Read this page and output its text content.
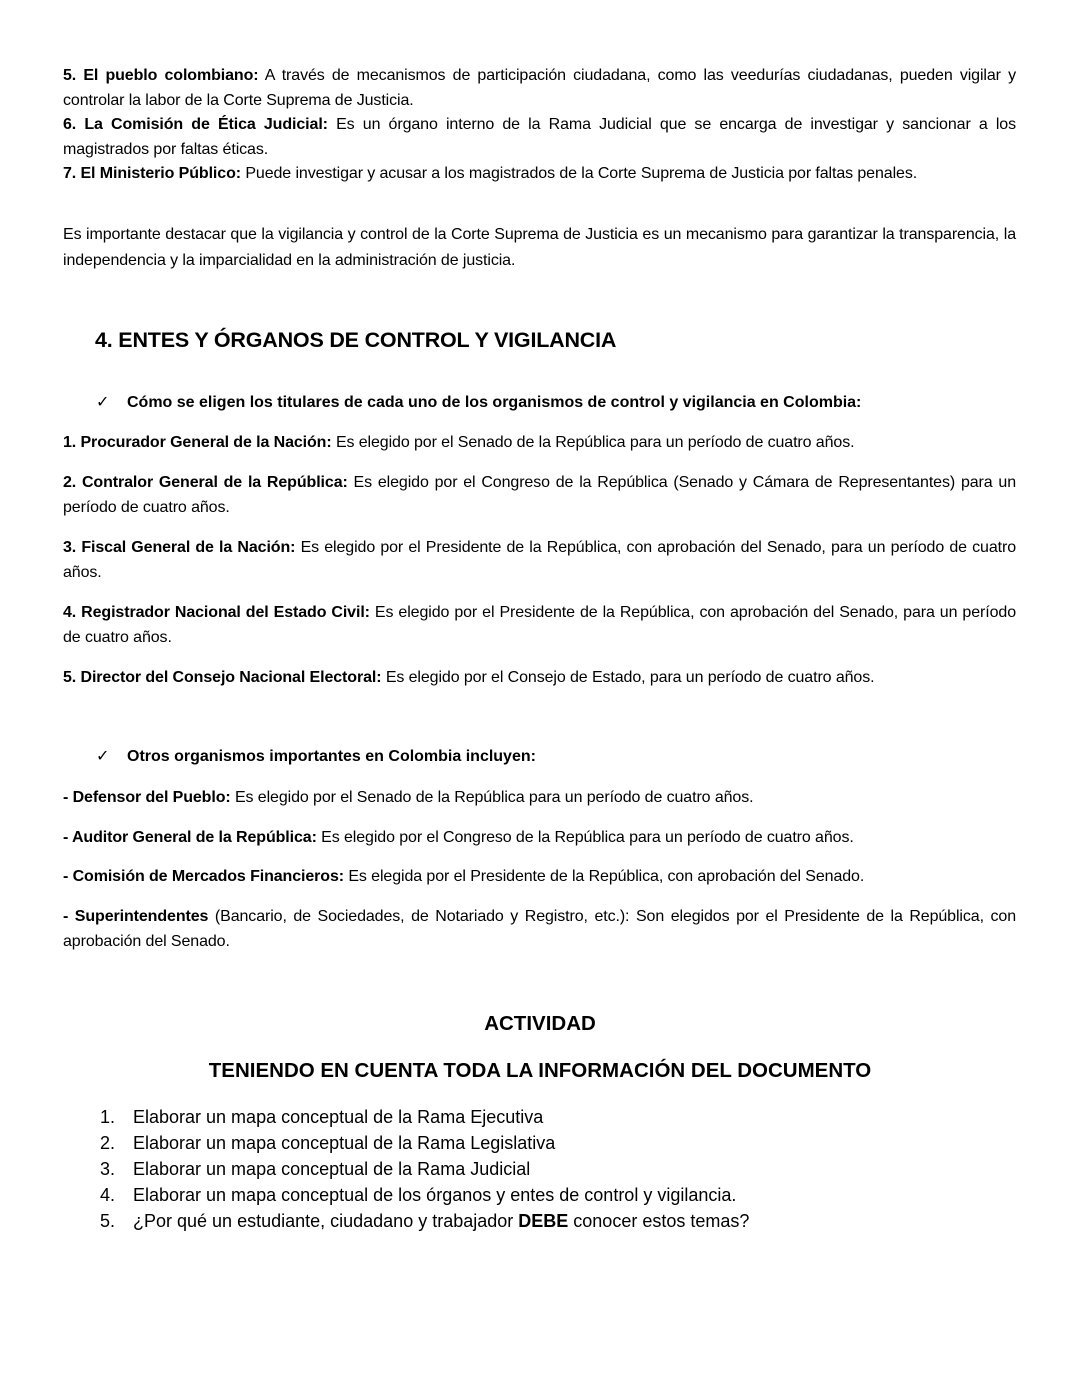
5. El pueblo colombiano: A través de mecanismos de participación ciudadana, como las veedurías ciudadanas, pueden vigilar y controlar la labor de la Corte Suprema de Justicia.
6. La Comisión de Ética Judicial: Es un órgano interno de la Rama Judicial que se encarga de investigar y sancionar a los magistrados por faltas éticas.
7. El Ministerio Público: Puede investigar y acusar a los magistrados de la Corte Suprema de Justicia por faltas penales.
Es importante destacar que la vigilancia y control de la Corte Suprema de Justicia es un mecanismo para garantizar la transparencia, la independencia y la imparcialidad en la administración de justicia.
4. ENTES Y ÓRGANOS DE CONTROL Y VIGILANCIA
✓ Cómo se eligen los titulares de cada uno de los organismos de control y vigilancia en Colombia:
1. Procurador General de la Nación: Es elegido por el Senado de la República para un período de cuatro años.
2. Contralor General de la República: Es elegido por el Congreso de la República (Senado y Cámara de Representantes) para un período de cuatro años.
3. Fiscal General de la Nación: Es elegido por el Presidente de la República, con aprobación del Senado, para un período de cuatro años.
4. Registrador Nacional del Estado Civil: Es elegido por el Presidente de la República, con aprobación del Senado, para un período de cuatro años.
5. Director del Consejo Nacional Electoral: Es elegido por el Consejo de Estado, para un período de cuatro años.
✓ Otros organismos importantes en Colombia incluyen:
- Defensor del Pueblo: Es elegido por el Senado de la República para un período de cuatro años.
- Auditor General de la República: Es elegido por el Congreso de la República para un período de cuatro años.
- Comisión de Mercados Financieros: Es elegida por el Presidente de la República, con aprobación del Senado.
- Superintendentes (Bancario, de Sociedades, de Notariado y Registro, etc.): Son elegidos por el Presidente de la República, con aprobación del Senado.
ACTIVIDAD
TENIENDO EN CUENTA TODA LA INFORMACIÓN DEL DOCUMENTO
1. Elaborar un mapa conceptual de la Rama Ejecutiva
2. Elaborar un mapa conceptual de la Rama Legislativa
3. Elaborar un mapa conceptual de la Rama Judicial
4. Elaborar un mapa conceptual de los órganos y entes de control y vigilancia.
5. ¿Por qué un estudiante, ciudadano y trabajador DEBE conocer estos temas?
